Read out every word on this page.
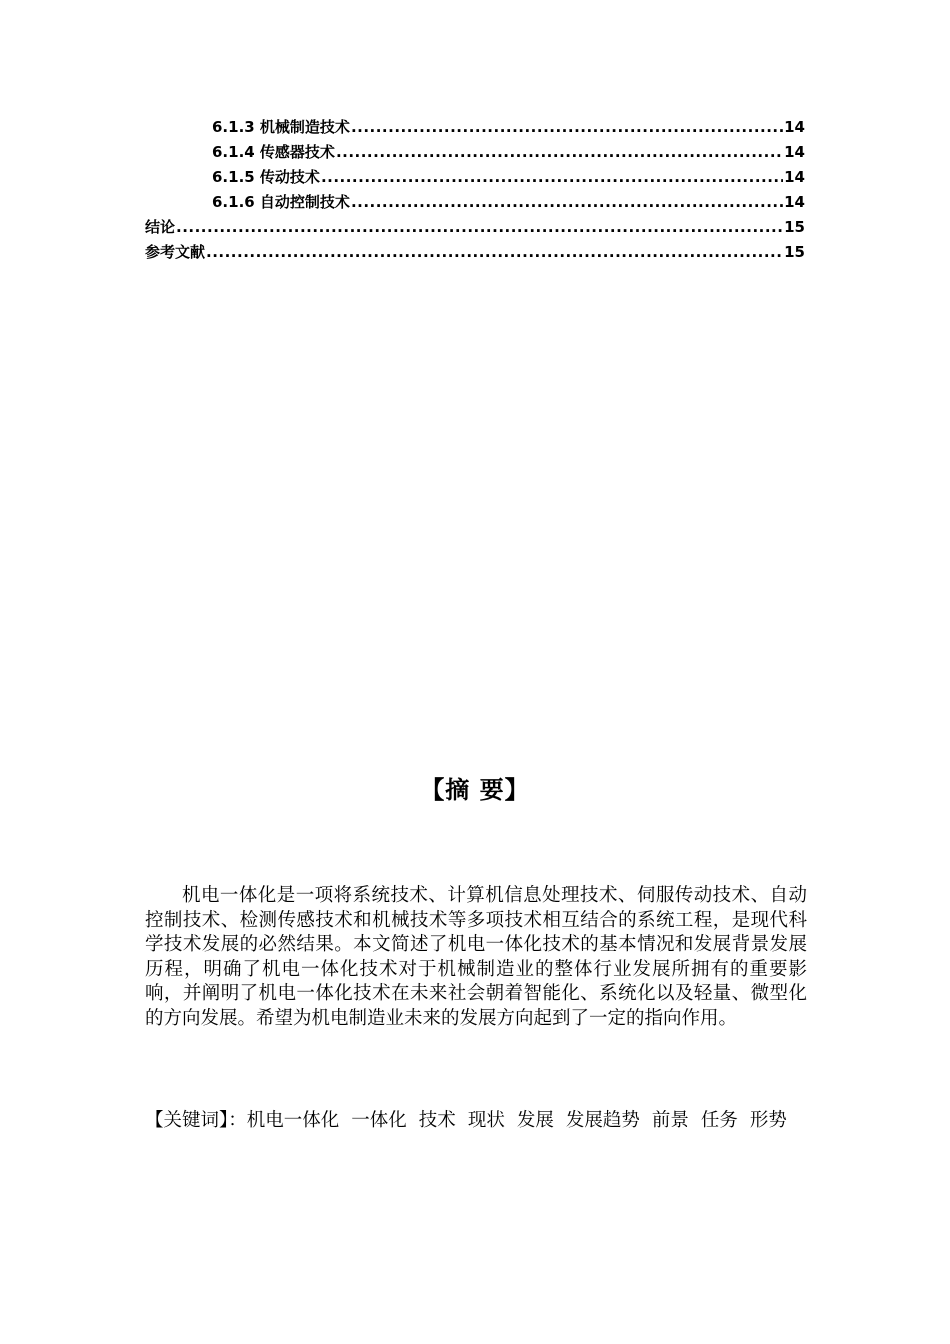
6.1.3 机械制造技术 .....	14
6.1.4 传感器技术 .....	14
6.1.5 传动技术 .....	14
6.1.6 自动控制技术 .....	14
结论 .....	15
参考文献 .....	15
【摘 要】

机电一体化是一项将系统技术、计算机信息处理技术、伺服传动技术、自动控制技术、检测传感技术和机械技术等多项技术相互结合的系统工程，是现代科学技术发展的必然结果。本文简述了机电一体化技术的基本情况和发展背景发展历程，明确了机电一体化技术对于机械制造业的整体行业发展所拥有的重要影响，并阐明了机电一体化技术在未来社会朝着智能化、系统化以及轻量、微型化的方向发展。希望为机电制造业未来的发展方向起到了一定的指向作用。

【关键词】：机电一体化 一体化 技术 现状 发展 发展趋势 前景 任务 形势
